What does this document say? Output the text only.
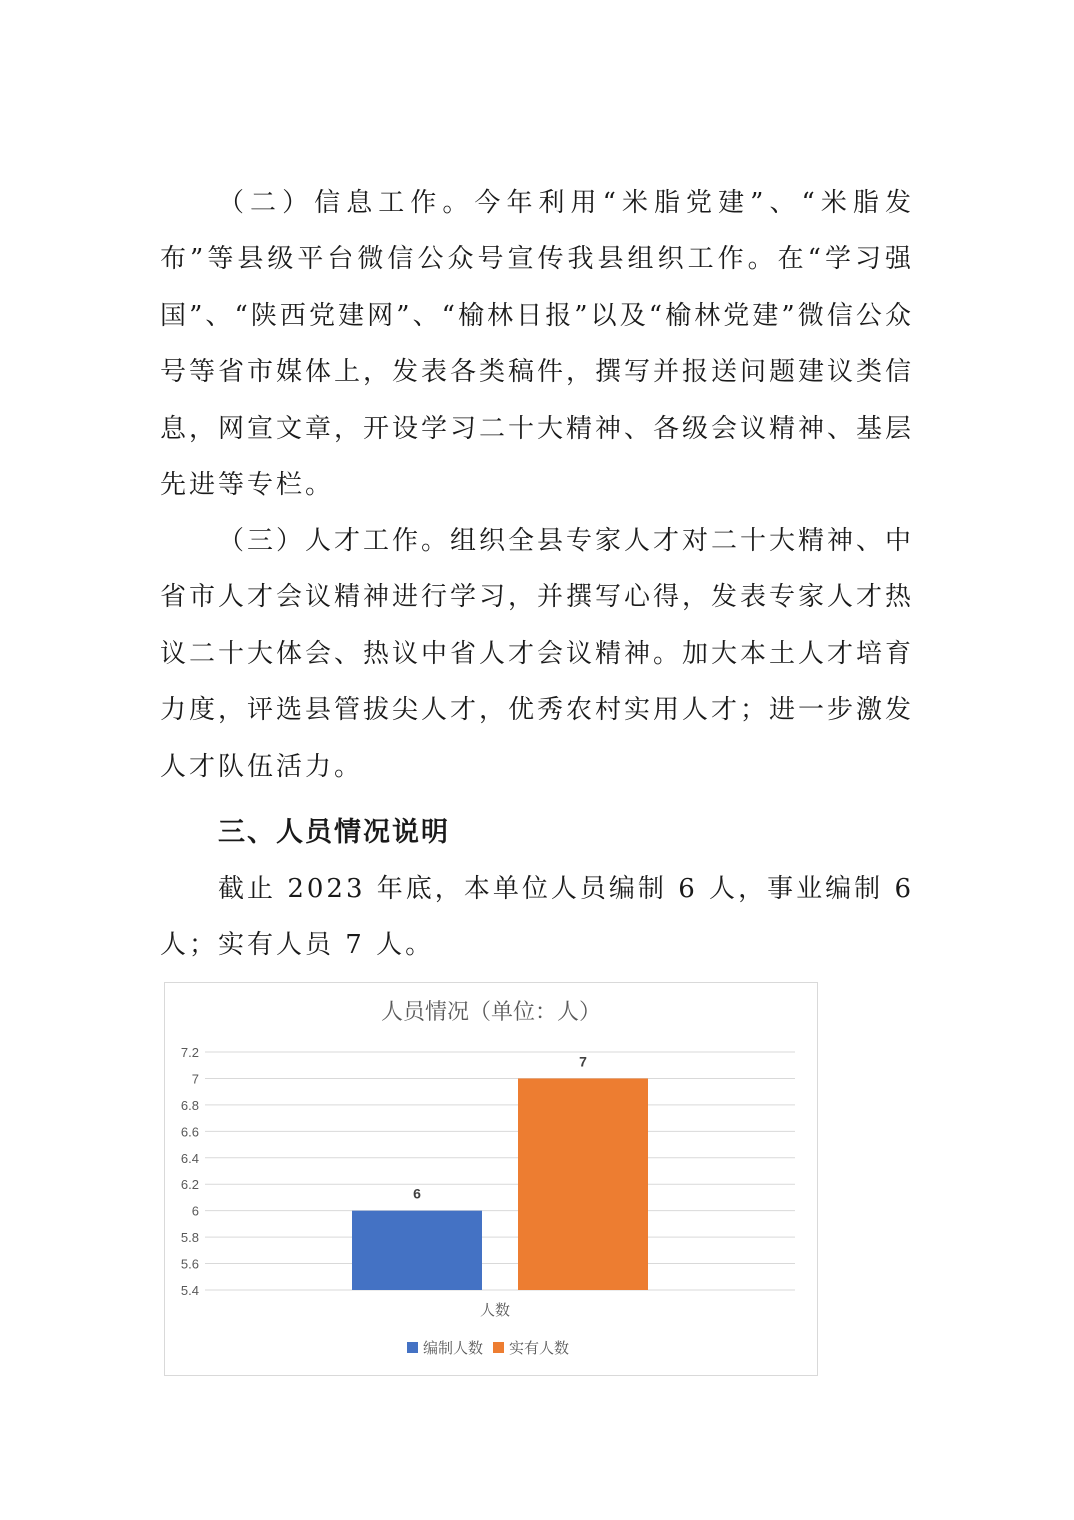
（二）信息工作。今年利用“米脂党建”、“米脂发布”等县级平台微信公众号宣传我县组织工作。在“学习强国”、“陕西党建网”、“榆林日报”以及“榆林党建”微信公众号等省市媒体上，发表各类稿件，撰写并报送问题建议类信息，网宣文章，开设学习二十大精神、各级会议精神、基层先进等专栏。

（三）人才工作。组织全县专家人才对二十大精神、中省市人才会议精神进行学习，并撰写心得，发表专家人才热议二十大体会、热议中省人才会议精神。加大本土人才培育力度，评选县管拔尖人才，优秀农村实用人才；进一步激发人才队伍活力。

三、人员情况说明

截止 2023 年底，本单位人员编制 6 人，事业编制 6 人；实有人员 7 人。

人员情况（单位：人）
5.4
5.6
5.8
6
6.2
6.4
6.6
6.8
7
7.2
6
7
人数
编制人数 实有人数
